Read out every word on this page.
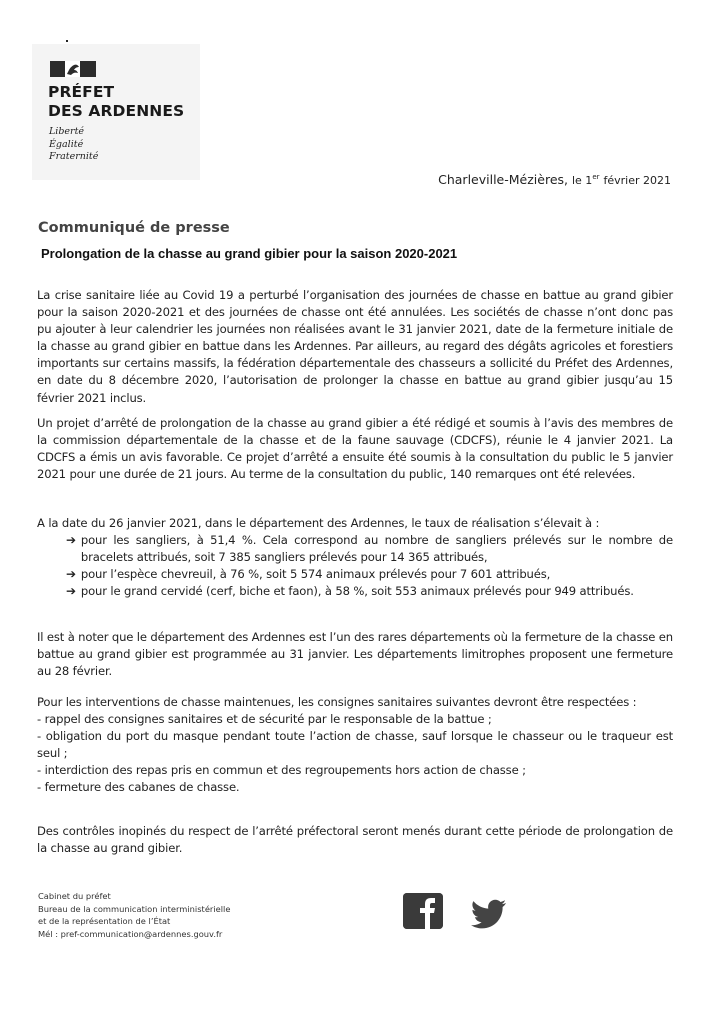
PRÉFET
DES ARDENNES
Liberté
Égalité
Fraternité
Charleville-Mézières, le 1er février 2021
Communiqué de presse
Prolongation de la chasse au grand gibier pour la saison 2020-2021
La crise sanitaire liée au Covid 19 a perturbé l’organisation des journées de chasse en battue au grand gibier pour la saison 2020-2021 et des journées de chasse ont été annulées. Les sociétés de chasse n’ont donc pas pu ajouter à leur calendrier les journées non réalisées avant le 31 janvier 2021, date de la fermeture initiale de la chasse au grand gibier en battue dans les Ardennes. Par ailleurs, au regard des dégâts agricoles et forestiers importants sur certains massifs, la fédération départementale des chasseurs a sollicité du Préfet des Ardennes, en date du 8 décembre 2020, l’autorisation de prolonger la chasse en battue au grand gibier jusqu’au 15 février 2021 inclus.
Un projet d’arrêté de prolongation de la chasse au grand gibier a été rédigé et soumis à l’avis des membres de la commission départementale de la chasse et de la faune sauvage (CDCFS), réunie le 4 janvier 2021. La CDCFS a émis un avis favorable. Ce projet d’arrêté a ensuite été soumis à la consultation du public le 5 janvier 2021 pour une durée de 21 jours. Au terme de la consultation du public, 140 remarques ont été relevées.
A la date du 26 janvier 2021, dans le département des Ardennes, le taux de réalisation s’élevait à :
➔ pour les sangliers, à 51,4 %. Cela correspond au nombre de sangliers prélevés sur le nombre de bracelets attribués, soit 7 385 sangliers prélevés pour 14 365 attribués,
➔ pour l’espèce chevreuil, à 76 %, soit 5 574 animaux prélevés pour 7 601 attribués,
➔ pour le grand cervidé (cerf, biche et faon), à 58 %, soit 553 animaux prélevés pour 949 attribués.
Il est à noter que le département des Ardennes est l’un des rares départements où la fermeture de la chasse en battue au grand gibier est programmée au 31 janvier. Les départements limitrophes proposent une fermeture au 28 février.
Pour les interventions de chasse maintenues, les consignes sanitaires suivantes devront être respectées :
- rappel des consignes sanitaires et de sécurité par le responsable de la battue ;
- obligation du port du masque pendant toute l’action de chasse, sauf lorsque le chasseur ou le traqueur est seul ;
- interdiction des repas pris en commun et des regroupements hors action de chasse ;
- fermeture des cabanes de chasse.
Des contrôles inopinés du respect de l’arrêté préfectoral seront menés durant cette période de prolongation de la chasse au grand gibier.
Cabinet du préfet
Bureau de la communication interministérielle
et de la représentation de l’État
Mél : pref-communication@ardennes.gouv.fr
